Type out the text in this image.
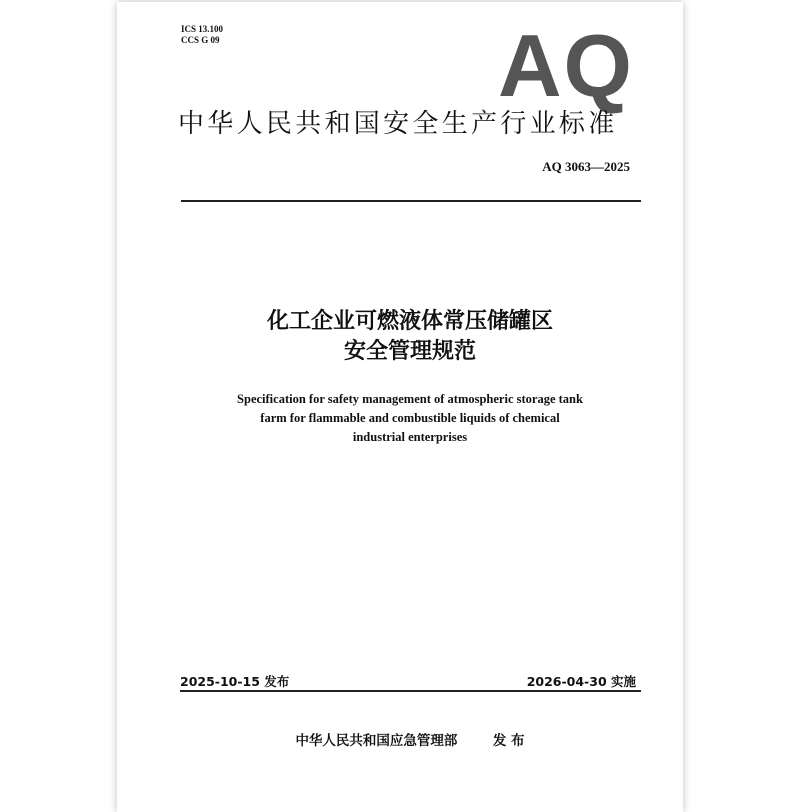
ICS 13.100
CCS G 09	AQ
中华人民共和国安全生产行业标准
AQ 3063—2025
化工企业可燃液体常压储罐区
安全管理规范
Specification for safety management of atmospheric storage tank
farm for flammable and combustible liquids of chemical
industrial enterprises
2025-10-15 发布	2026-04-30 实施
中华人民共和国应急管理部	发 布
